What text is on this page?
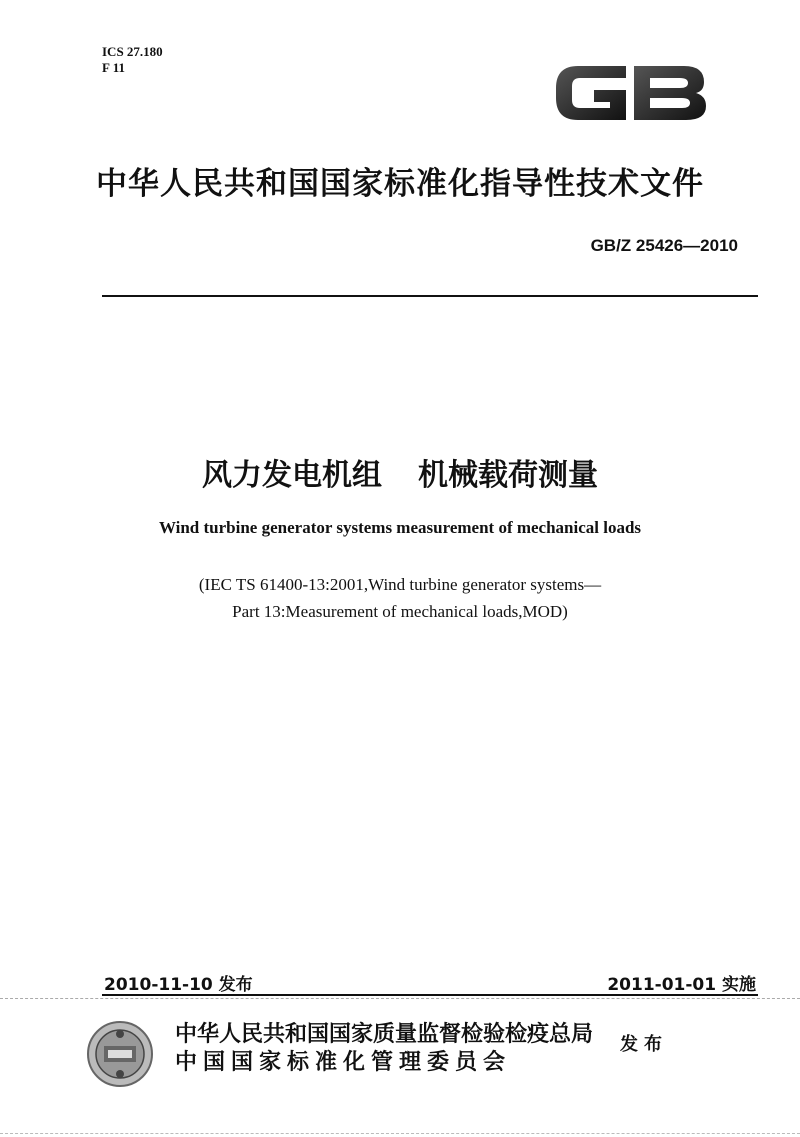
ICS 27.180
F 11
中华人民共和国国家标准化指导性技术文件
GB/Z 25426—2010
风力发电机组 机械载荷测量
Wind turbine generator systems measurement of mechanical loads
(IEC TS 61400-13:2001,Wind turbine generator systems—
Part 13:Measurement of mechanical loads,MOD)
2010-11-10 发布	2011-01-01 实施
中华人民共和国国家质量监督检验检疫总局
中国国家标准化管理委员会
发布
